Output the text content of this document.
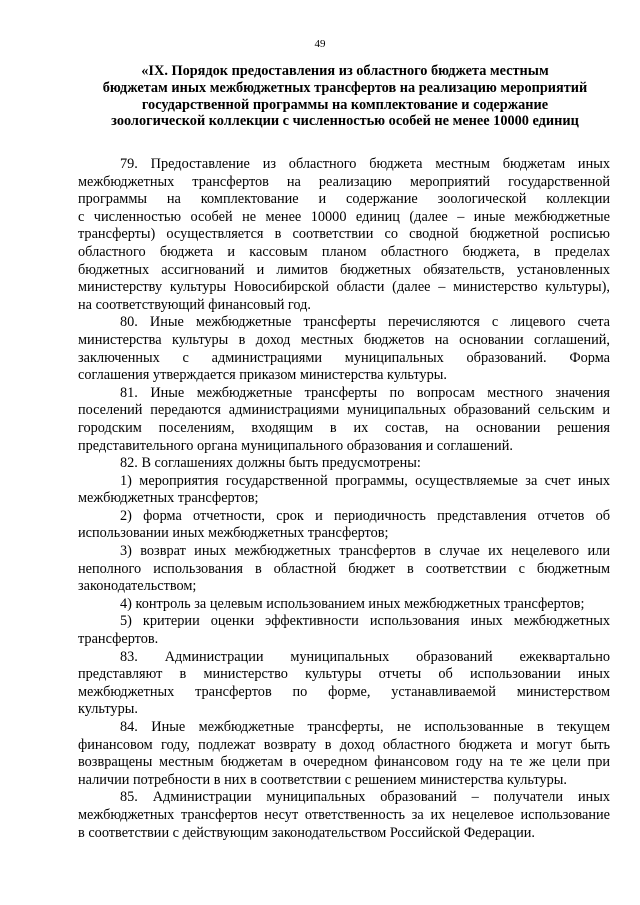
49
«IX. Порядок предоставления из областного бюджета местным
бюджетам иных межбюджетных трансфертов на реализацию мероприятий
государственной программы на комплектование и содержание
зоологической коллекции с численностью особей не менее 10000 единиц

79. Предоставление из областного бюджета местным бюджетам иных
межбюджетных трансфертов на реализацию мероприятий государственной
программы на комплектование и содержание зоологической коллекции
с численностью особей не менее 10000 единиц (далее – иные межбюджетные
трансферты) осуществляется в соответствии со сводной бюджетной росписью
областного бюджета и кассовым планом областного бюджета, в пределах
бюджетных ассигнований и лимитов бюджетных обязательств, установленных
министерству культуры Новосибирской области (далее – министерство культуры),
на соответствующий финансовый год.

80. Иные межбюджетные трансферты перечисляются с лицевого счета
министерства культуры в доход местных бюджетов на основании соглашений,
заключенных с администрациями муниципальных образований. Форма
соглашения утверждается приказом министерства культуры.

81. Иные межбюджетные трансферты по вопросам местного значения
поселений передаются администрациями муниципальных образований сельским и
городским поселениям, входящим в их состав, на основании решения
представительного органа муниципального образования и соглашений.

82. В соглашениях должны быть предусмотрены:

1) мероприятия государственной программы, осуществляемые за счет иных
межбюджетных трансфертов;

2) форма отчетности, срок и периодичность представления отчетов об
использовании иных межбюджетных трансфертов;

3) возврат иных межбюджетных трансфертов в случае их нецелевого или
неполного использования в областной бюджет в соответствии с бюджетным
законодательством;

4) контроль за целевым использованием иных межбюджетных трансфертов;

5) критерии оценки эффективности использования иных межбюджетных
трансфертов.

83. Администрации муниципальных образований ежеквартально
представляют в министерство культуры отчеты об использовании иных
межбюджетных трансфертов по форме, устанавливаемой министерством
культуры.

84. Иные межбюджетные трансферты, не использованные в текущем
финансовом году, подлежат возврату в доход областного бюджета и могут быть
возвращены местным бюджетам в очередном финансовом году на те же цели при
наличии потребности в них в соответствии с решением министерства культуры.

85. Администрации муниципальных образований – получатели иных
межбюджетных трансфертов несут ответственность за их нецелевое использование
в соответствии с действующим законодательством Российской Федерации.
